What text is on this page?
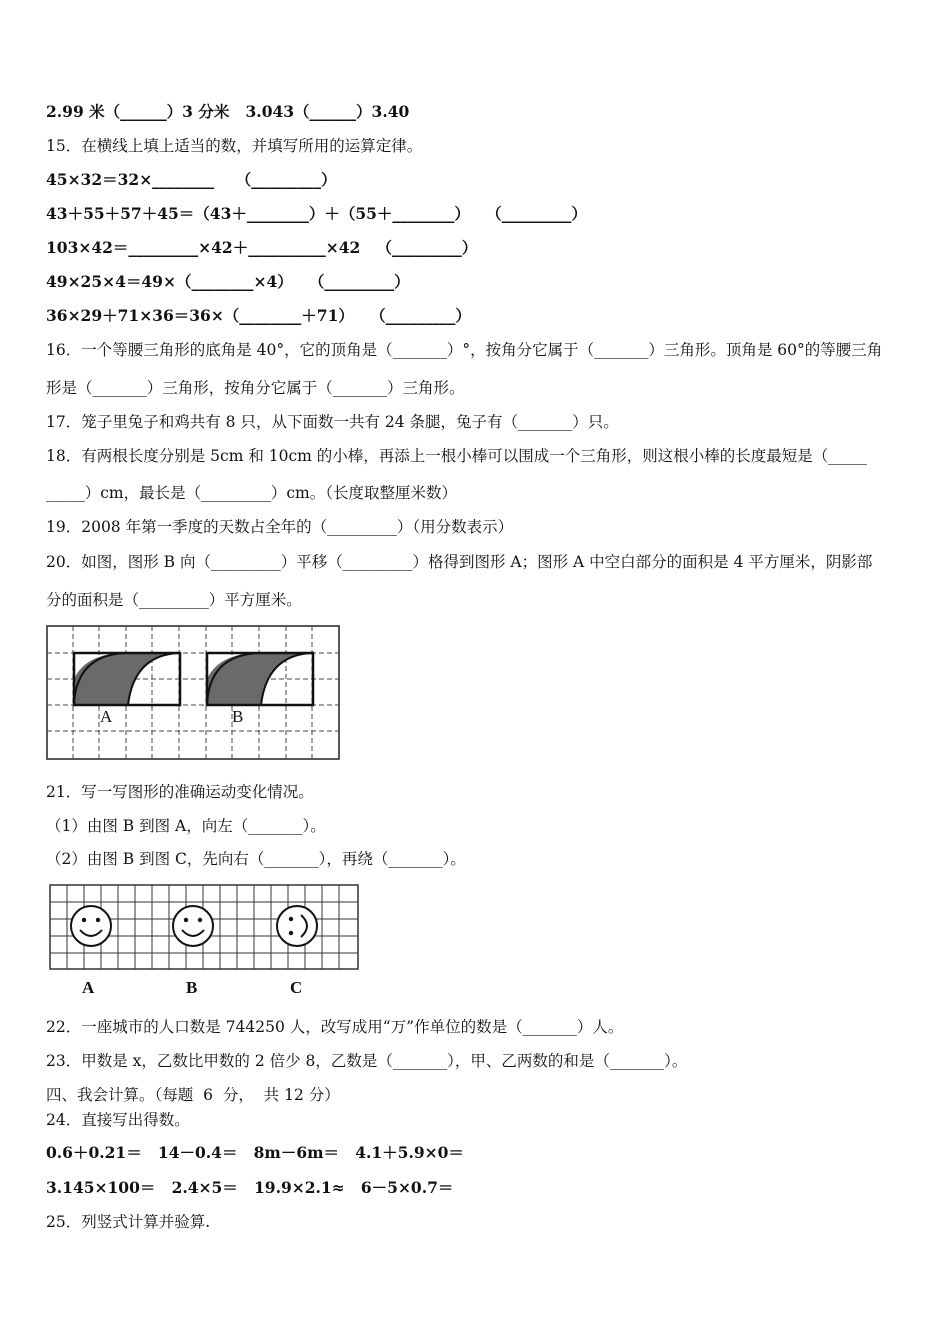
2.99 米（______）3 分米   3.043（______）3.40
15．在横线上填上适当的数，并填写所用的运算定律。
45×32＝32×________    （_________）
43＋55＋57＋45＝（43＋________）＋（55＋________）   （_________）
103×42＝_________×42＋__________×42   （_________）
49×25×4＝49×（________×4）   （_________）
36×29＋71×36＝36×（________＋71）   （_________）
16．一个等腰三角形的底角是 40°，它的顶角是（_______）°，按角分它属于（_______）三角形。顶角是 60°的等腰三角
形是（_______）三角形，按角分它属于（_______）三角形。
17．笼子里兔子和鸡共有 8 只，从下面数一共有 24 条腿，兔子有（_______）只。
18．有两根长度分别是 5cm 和 10cm 的小棒，再添上一根小棒可以围成一个三角形，则这根小棒的长度最短是（_____
_____）cm，最长是（_________）cm。（长度取整厘米数）
19．2008 年第一季度的天数占全年的（_________）（用分数表示）
20．如图，图形 B 向（_________）平移（_________）格得到图形 A；图形 A 中空白部分的面积是 4 平方厘米，阴影部
分的面积是（_________）平方厘米。
A	B
21．写一写图形的准确运动变化情况。
（1）由图 B 到图 A，向左（_______）。
（2）由图 B 到图 C，先向右（_______），再绕（_______）。
A	B	C
22．一座城市的人口数是 744250 人，改写成用“万”作单位的数是（_______）人。
23．甲数是 x，乙数比甲数的 2 倍少 8，乙数是（_______），甲、乙两数的和是（_______）。
四、我会计算。（每题  6  分，  共 12 分）
24．直接写出得数。
0.6＋0.21＝   14－0.4＝   8m－6m＝   4.1＋5.9×0＝
3.145×100＝   2.4×5＝   19.9×2.1≈   6－5×0.7＝
25．列竖式计算并验算.
